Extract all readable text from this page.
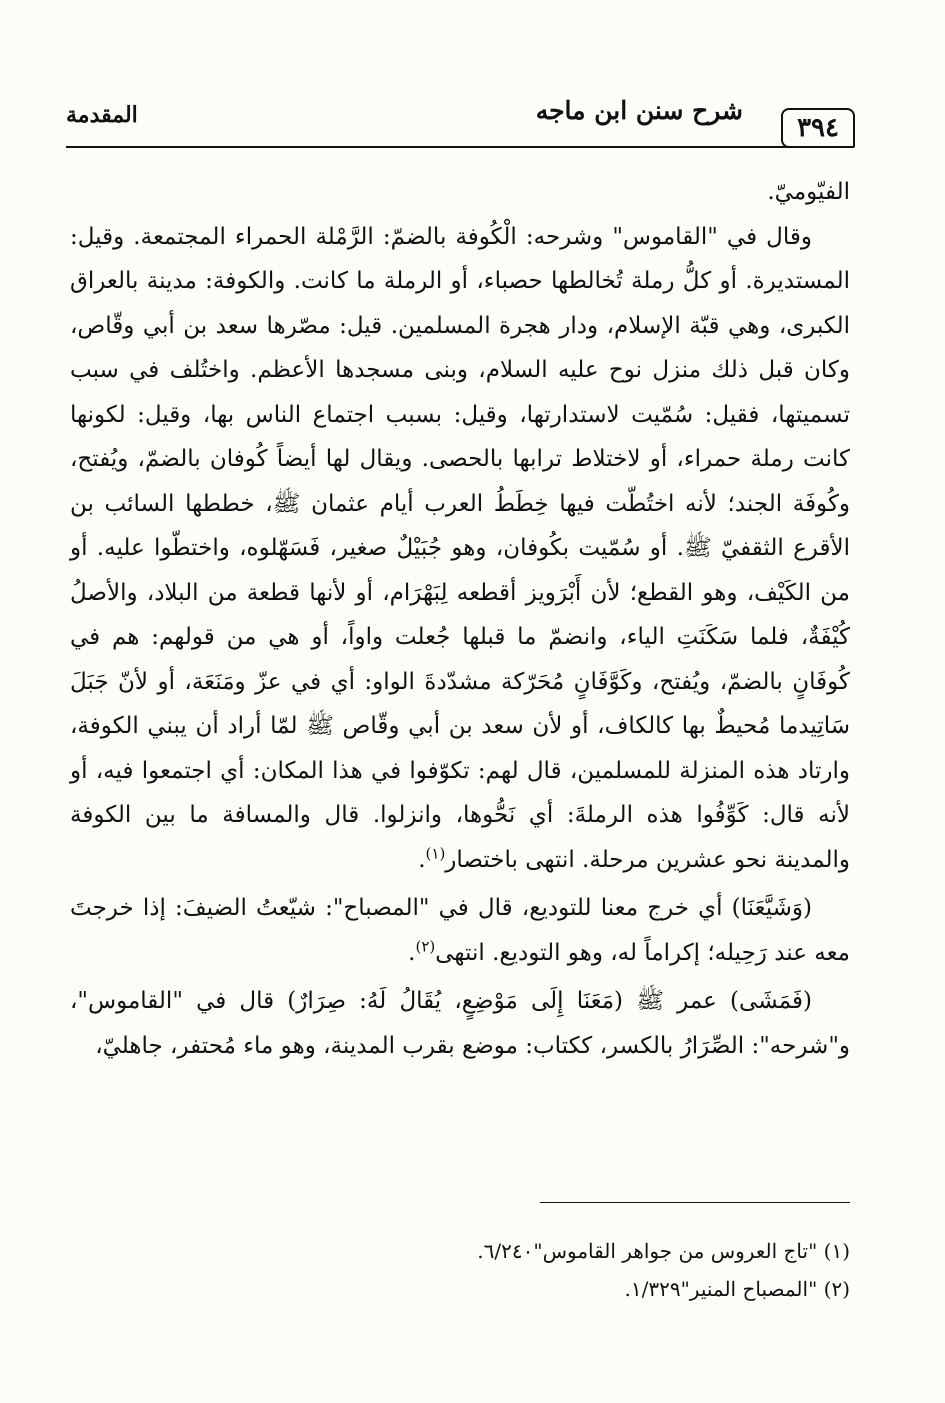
٣٩٤
شرح سنن ابن ماجه
المقدمة

الفيّوميّ.

وقال في "القاموس" وشرحه: الْكُوفة بالضمّ: الرَّمْلة الحمراء المجتمعة. وقيل: المستديرة. أو كلُّ رملة تُخالطها حصباء، أو الرملة ما كانت. والكوفة: مدينة بالعراق الكبرى، وهي قبّة الإسلام، ودار هجرة المسلمين. قيل: مصّرها سعد بن أبي وقّاص، وكان قبل ذلك منزل نوح عليه السلام، وبنى مسجدها الأعظم. واختُلف في سبب تسميتها، فقيل: سُمّيت لاستدارتها، وقيل: بسبب اجتماع الناس بها، وقيل: لكونها كانت رملة حمراء، أو لاختلاط ترابها بالحصى. ويقال لها أيضاً كُوفان بالضمّ، ويُفتح، وكُوفَة الجند؛ لأنه اختُطّت فيها خِطَطُ العرب أيام عثمان ﷺ، خططها السائب بن الأقرع الثقفيّ ﷺ. أو سُمّيت بكُوفان، وهو جُبَيْلٌ صغير، فَسَهّلوه، واختطّوا عليه. أو من الكَيْف، وهو القطع؛ لأن أَبْرَويز أقطعه لِبَهْرَام، أو لأنها قطعة من البلاد، والأصلُ كُيْفَةٌ، فلما سَكَنَتِ الياء، وانضمّ ما قبلها جُعلت واواً، أو هي من قولهم: هم في كُوفَانٍ بالضمّ، ويُفتح، وكَوَّفَانٍ مُحَرّكة مشدّدةَ الواو: أي في عزّ ومَنَعَة، أو لأنّ جَبَلَ سَاتِيدما مُحيطٌ بها كالكاف، أو لأن سعد بن أبي وقّاص ﷺ لمّا أراد أن يبني الكوفة، وارتاد هذه المنزلة للمسلمين، قال لهم: تكوّفوا في هذا المكان: أي اجتمعوا فيه، أو لأنه قال: كَوِّفُوا هذه الرملةَ: أي نَحُّوها، وانزلوا. قال والمسافة ما بين الكوفة والمدينة نحو عشرين مرحلة. انتهى باختصار$^{(١)}$.

(وَشَيَّعَنَا) أي خرج معنا للتوديع، قال في "المصباح": شيّعتُ الضيفَ: إذا خرجتَ معه عند رَحِيله؛ إكراماً له، وهو التوديع. انتهى$^{(٢)}$.

(فَمَشَى) عمر ﷺ (مَعَنَا إِلَى مَوْضِعٍ، يُقَالُ لَهُ: صِرَارٌ) قال في "القاموس"، و"شرحه": الصِّرَارُ بالكسر، ككتاب: موضع بقرب المدينة، وهو ماء مُحتفر، جاهليّ،

(١) "تاج العروس من جواهر القاموس"٦/٢٤٠.

(٢) "المصباح المنير"١/٣٢٩.
